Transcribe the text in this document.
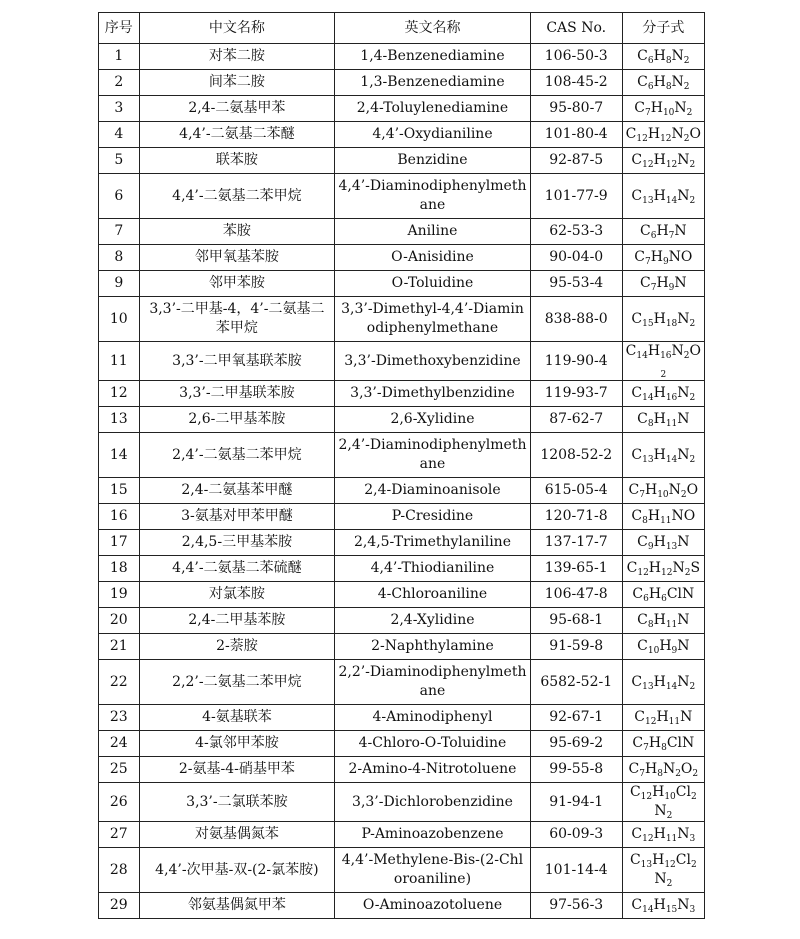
序号	中文名称	英文名称	CAS No.	分子式
1	对苯二胺	1,4-Benzenediamine	106-50-3	$C_6H_8N_2$
2	间苯二胺	1,3-Benzenediamine	108-45-2	$C_6H_8N_2$
3	2,4-二氨基甲苯	2,4-Toluylenediamine	95-80-7	$C_7H_{10}N_2$
4	4,4’-二氨基二苯醚	4,4’-Oxydianiline	101-80-4	$C_{12}H_{12}N_2O$
5	联苯胺	Benzidine	92-87-5	$C_{12}H_{12}N_2$
6	4,4’-二氨基二苯甲烷	4,4’-Diaminodiphenylmethane	101-77-9	$C_{13}H_{14}N_2$
7	苯胺	Aniline	62-53-3	$C_6H_7N$
8	邻甲氧基苯胺	O-Anisidine	90-04-0	$C_7H_9NO$
9	邻甲苯胺	O-Toluidine	95-53-4	$C_7H_9N$
10	3,3’-二甲基-4，4’-二氨基二苯甲烷	3,3’-Dimethyl-4,4’-Diaminodiphenylmethane	838-88-0	$C_{15}H_{18}N_2$
11	3,3’-二甲氧基联苯胺	3,3’-Dimethoxybenzidine	119-90-4	$C_{14}H_{16}N_2O_2$
12	3,3’-二甲基联苯胺	3,3’-Dimethylbenzidine	119-93-7	$C_{14}H_{16}N_2$
13	2,6-二甲基苯胺	2,6-Xylidine	87-62-7	$C_8H_{11}N$
14	2,4’-二氨基二苯甲烷	2,4’-Diaminodiphenylmethane	1208-52-2	$C_{13}H_{14}N_2$
15	2,4-二氨基苯甲醚	2,4-Diaminoanisole	615-05-4	$C_7H_{10}N_2O$
16	3-氨基对甲苯甲醚	P-Cresidine	120-71-8	$C_8H_{11}NO$
17	2,4,5-三甲基苯胺	2,4,5-Trimethylaniline	137-17-7	$C_9H_{13}N$
18	4,4’-二氨基二苯硫醚	4,4’-Thiodianiline	139-65-1	$C_{12}H_{12}N_2S$
19	对氯苯胺	4-Chloroaniline	106-47-8	$C_6H_6ClN$
20	2,4-二甲基苯胺	2,4-Xylidine	95-68-1	$C_8H_{11}N$
21	2-萘胺	2-Naphthylamine	91-59-8	$C_{10}H_9N$
22	2,2’-二氨基二苯甲烷	2,2’-Diaminodiphenylmethane	6582-52-1	$C_{13}H_{14}N_2$
23	4-氨基联苯	4-Aminodiphenyl	92-67-1	$C_{12}H_{11}N$
24	4-氯邻甲苯胺	4-Chloro-O-Toluidine	95-69-2	$C_7H_8ClN$
25	2-氨基-4-硝基甲苯	2-Amino-4-Nitrotoluene	99-55-8	$C_7H_8N_2O_2$
26	3,3’-二氯联苯胺	3,3’-Dichlorobenzidine	91-94-1	$C_{12}H_{10}Cl_2N_2$
27	对氨基偶氮苯	P-Aminoazobenzene	60-09-3	$C_{12}H_{11}N_3$
28	4,4’-次甲基-双-(2-氯苯胺)	4,4’-Methylene-Bis-(2-Chloroaniline)	101-14-4	$C_{13}H_{12}Cl_2N_2$
29	邻氨基偶氮甲苯	O-Aminoazotoluene	97-56-3	$C_{14}H_{15}N_3$
